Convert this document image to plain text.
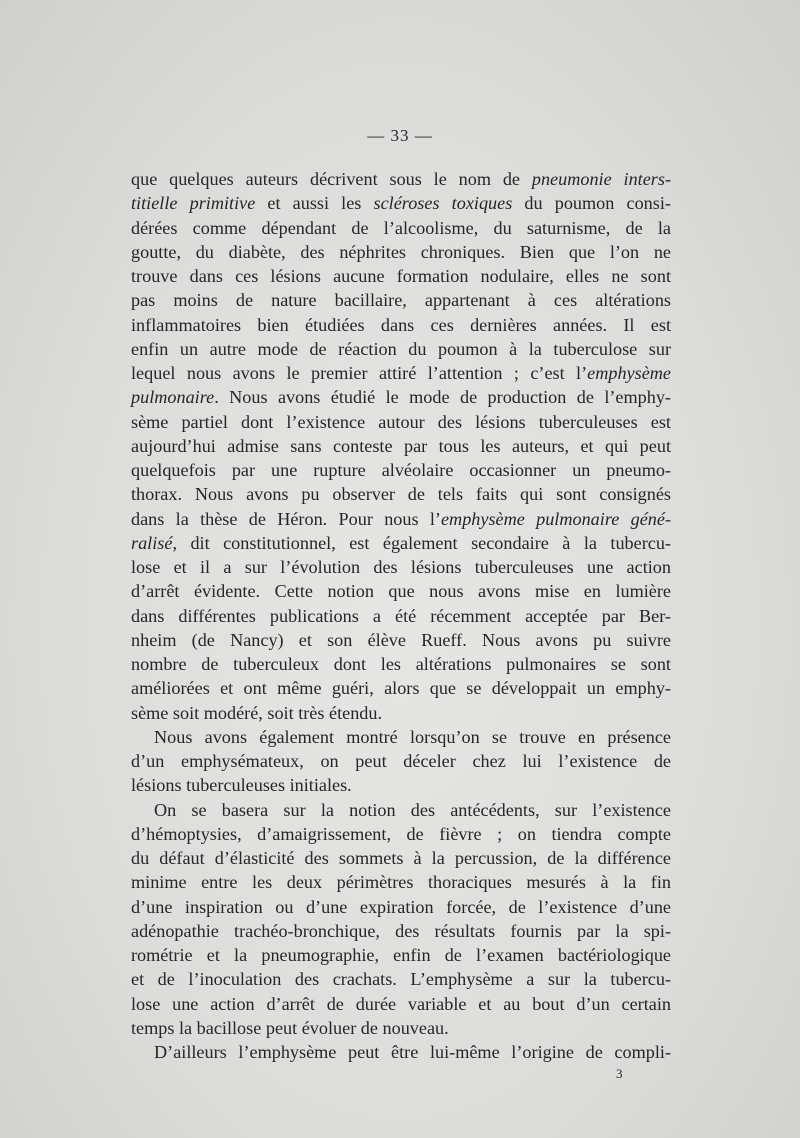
— 33 —
que quelques auteurs décrivent sous le nom de pneumonie inters-
titielle primitive et aussi les scléroses toxiques du poumon consi-
dérées comme dépendant de l’alcoolisme, du saturnisme, de la
goutte, du diabète, des néphrites chroniques. Bien que l’on ne
trouve dans ces lésions aucune formation nodulaire, elles ne sont
pas moins de nature bacillaire, appartenant à ces altérations
inflammatoires bien étudiées dans ces dernières années. Il est
enfin un autre mode de réaction du poumon à la tuberculose sur
lequel nous avons le premier attiré l’attention ; c’est l’emphysème
pulmonaire. Nous avons étudié le mode de production de l’emphy-
sème partiel dont l’existence autour des lésions tuberculeuses est
aujourd’hui admise sans conteste par tous les auteurs, et qui peut
quelquefois par une rupture alvéolaire occasionner un pneumo-
thorax. Nous avons pu observer de tels faits qui sont consignés
dans la thèse de Héron. Pour nous l’emphysème pulmonaire géné-
ralisé, dit constitutionnel, est également secondaire à la tubercu-
lose et il a sur l’évolution des lésions tuberculeuses une action
d’arrêt évidente. Cette notion que nous avons mise en lumière
dans différentes publications a été récemment acceptée par Ber-
nheim (de Nancy) et son élève Rueff. Nous avons pu suivre
nombre de tuberculeux dont les altérations pulmonaires se sont
améliorées et ont même guéri, alors que se développait un emphy-
sème soit modéré, soit très étendu.
Nous avons également montré lorsqu’on se trouve en présence
d’un emphysémateux, on peut déceler chez lui l’existence de
lésions tuberculeuses initiales.
On se basera sur la notion des antécédents, sur l’existence
d’hémoptysies, d’amaigrissement, de fièvre ; on tiendra compte
du défaut d’élasticité des sommets à la percussion, de la différence
minime entre les deux périmètres thoraciques mesurés à la fin
d’une inspiration ou d’une expiration forcée, de l’existence d’une
adénopathie trachéo-bronchique, des résultats fournis par la spi-
rométrie et la pneumographie, enfin de l’examen bactériologique
et de l’inoculation des crachats. L’emphysème a sur la tubercu-
lose une action d’arrêt de durée variable et au bout d’un certain
temps la bacillose peut évoluer de nouveau.
D’ailleurs l’emphysème peut être lui-même l’origine de compli-
3
